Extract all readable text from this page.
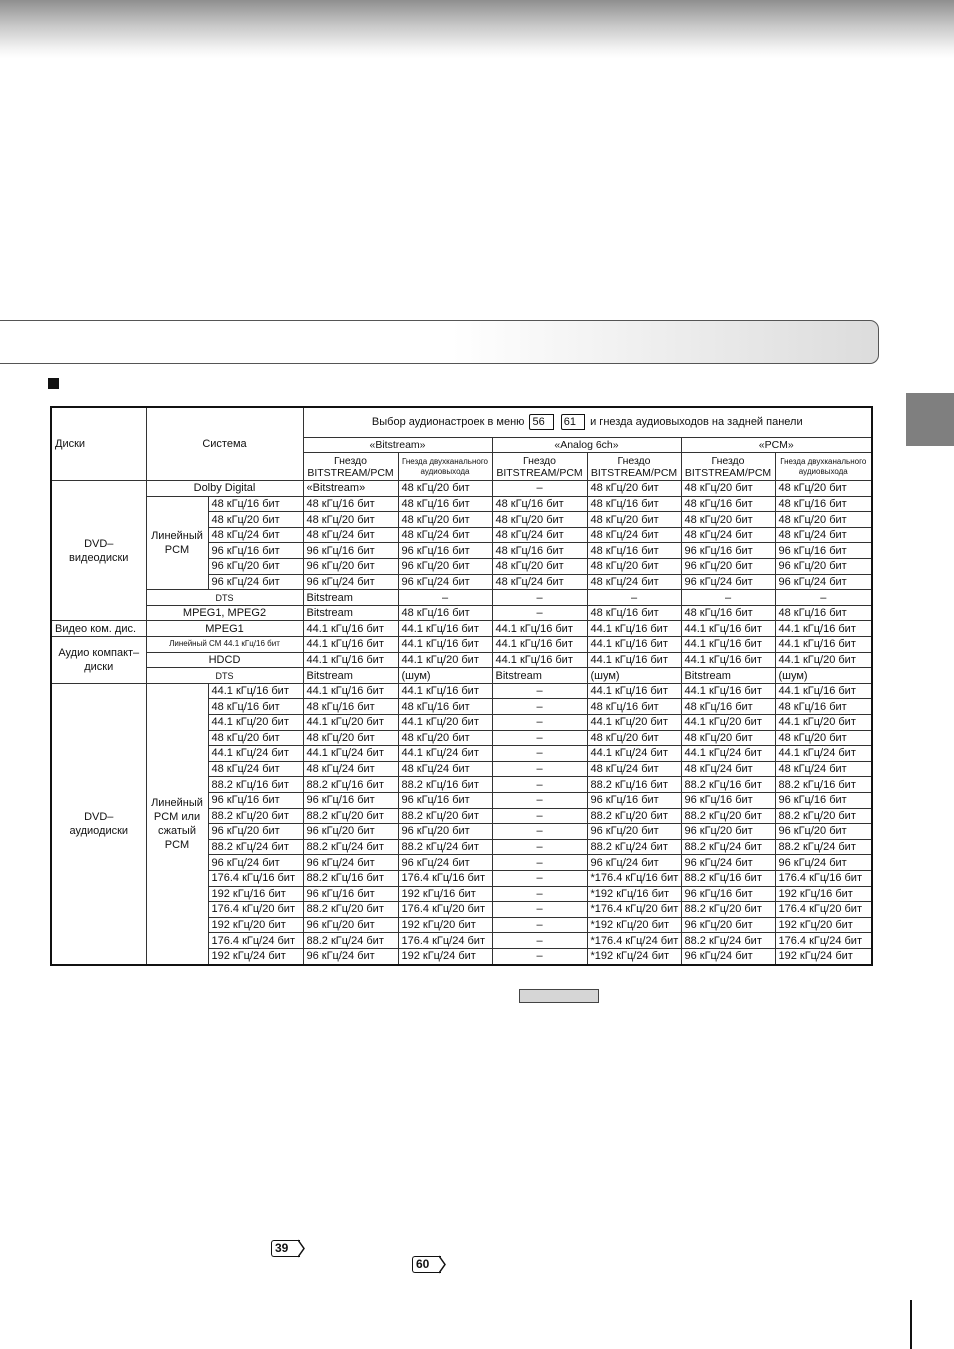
Диски	Система		Выбор аудионастроек в меню 56 61 и гнезда аудиовыходов на задней панели					
			«Bitstream»		«Analog 6ch»		«PCM»	
			Гнездо BITSTREAM/PCM	Гнезда двухканального аудиовыхода	Гнездо BITSTREAM/PCM	Гнездо BITSTREAM/PCM	Гнездо BITSTREAM/PCM	Гнезда двухканального аудиовыхода
DVD– видеодиски	Dolby Digital		«Bitstream»	48 кГц/20 бит	–	48 кГц/20 бит	48 кГц/20 бит	48 кГц/20 бит
	Линейный PCM	48 кГц/16 бит	48 кГц/16 бит	48 кГц/16 бит	48 кГц/16 бит	48 кГц/16 бит	48 кГц/16 бит	48 кГц/16 бит
		48 кГц/20 бит	48 кГц/20 бит	48 кГц/20 бит	48 кГц/20 бит	48 кГц/20 бит	48 кГц/20 бит	48 кГц/20 бит
		48 кГц/24 бит	48 кГц/24 бит	48 кГц/24 бит	48 кГц/24 бит	48 кГц/24 бит	48 кГц/24 бит	48 кГц/24 бит
		96 кГц/16 бит	96 кГц/16 бит	96 кГц/16 бит	48 кГц/16 бит	48 кГц/16 бит	96 кГц/16 бит	96 кГц/16 бит
		96 кГц/20 бит	96 кГц/20 бит	96 кГц/20 бит	48 кГц/20 бит	48 кГц/20 бит	96 кГц/20 бит	96 кГц/20 бит
		96 кГц/24 бит	96 кГц/24 бит	96 кГц/24 бит	48 кГц/24 бит	48 кГц/24 бит	96 кГц/24 бит	96 кГц/24 бит
	DTS		Bitstream	–	–	–	–	–
	MPEG1, MPEG2		Bitstream	48 кГц/16 бит	–	48 кГц/16 бит	48 кГц/16 бит	48 кГц/16 бит
Видео ком. дис.	MPEG1		44.1 кГц/16 бит	44.1 кГц/16 бит	44.1 кГц/16 бит	44.1 кГц/16 бит	44.1 кГц/16 бит	44.1 кГц/16 бит
Аудио компакт–диски	Линейный СМ 44.1 кГц/16 бит		44.1 кГц/16 бит	44.1 кГц/16 бит	44.1 кГц/16 бит	44.1 кГц/16 бит	44.1 кГц/16 бит	44.1 кГц/16 бит
	HDCD		44.1 кГц/16 бит	44.1 кГц/20 бит	44.1 кГц/16 бит	44.1 кГц/16 бит	44.1 кГц/16 бит	44.1 кГц/20 бит
	DTS		Bitstream	(шум)	Bitstream	(шум)	Bitstream	(шум)
DVD– аудиодиски	Линейный PCM или сжатый PCM	44.1 кГц/16 бит	44.1 кГц/16 бит	44.1 кГц/16 бит	–	44.1 кГц/16 бит	44.1 кГц/16 бит	44.1 кГц/16 бит
		48 кГц/16 бит	48 кГц/16 бит	48 кГц/16 бит	–	48 кГц/16 бит	48 кГц/16 бит	48 кГц/16 бит
		44.1 кГц/20 бит	44.1 кГц/20 бит	44.1 кГц/20 бит	–	44.1 кГц/20 бит	44.1 кГц/20 бит	44.1 кГц/20 бит
		48 кГц/20 бит	48 кГц/20 бит	48 кГц/20 бит	–	48 кГц/20 бит	48 кГц/20 бит	48 кГц/20 бит
		44.1 кГц/24 бит	44.1 кГц/24 бит	44.1 кГц/24 бит	–	44.1 кГц/24 бит	44.1 кГц/24 бит	44.1 кГц/24 бит
		48 кГц/24 бит	48 кГц/24 бит	48 кГц/24 бит	–	48 кГц/24 бит	48 кГц/24 бит	48 кГц/24 бит
		88.2 кГц/16 бит	88.2 кГц/16 бит	88.2 кГц/16 бит	–	88.2 кГц/16 бит	88.2 кГц/16 бит	88.2 кГц/16 бит
		96 кГц/16 бит	96 кГц/16 бит	96 кГц/16 бит	–	96 кГц/16 бит	96 кГц/16 бит	96 кГц/16 бит
		88.2 кГц/20 бит	88.2 кГц/20 бит	88.2 кГц/20 бит	–	88.2 кГц/20 бит	88.2 кГц/20 бит	88.2 кГц/20 бит
		96 кГц/20 бит	96 кГц/20 бит	96 кГц/20 бит	–	96 кГц/20 бит	96 кГц/20 бит	96 кГц/20 бит
		88.2 кГц/24 бит	88.2 кГц/24 бит	88.2 кГц/24 бит	–	88.2 кГц/24 бит	88.2 кГц/24 бит	88.2 кГц/24 бит
		96 кГц/24 бит	96 кГц/24 бит	96 кГц/24 бит	–	96 кГц/24 бит	96 кГц/24 бит	96 кГц/24 бит
		176.4 кГц/16 бит	88.2 кГц/16 бит	176.4 кГц/16 бит	–	*176.4 кГц/16 бит	88.2 кГц/16 бит	176.4 кГц/16 бит
		192 кГц/16 бит	96 кГц/16 бит	192 кГц/16 бит	–	*192 кГц/16 бит	96 кГц/16 бит	192 кГц/16 бит
		176.4 кГц/20 бит	88.2 кГц/20 бит	176.4 кГц/20 бит	–	*176.4 кГц/20 бит	88.2 кГц/20 бит	176.4 кГц/20 бит
		192 кГц/20 бит	96 кГц/20 бит	192 кГц/20 бит	–	*192 кГц/20 бит	96 кГц/20 бит	192 кГц/20 бит
		176.4 кГц/24 бит	88.2 кГц/24 бит	176.4 кГц/24 бит	–	*176.4 кГц/24 бит	88.2 кГц/24 бит	176.4 кГц/24 бит
		192 кГц/24 бит	96 кГц/24 бит	192 кГц/24 бит	–	*192 кГц/24 бит	96 кГц/24 бит	192 кГц/24 бит
39
60
